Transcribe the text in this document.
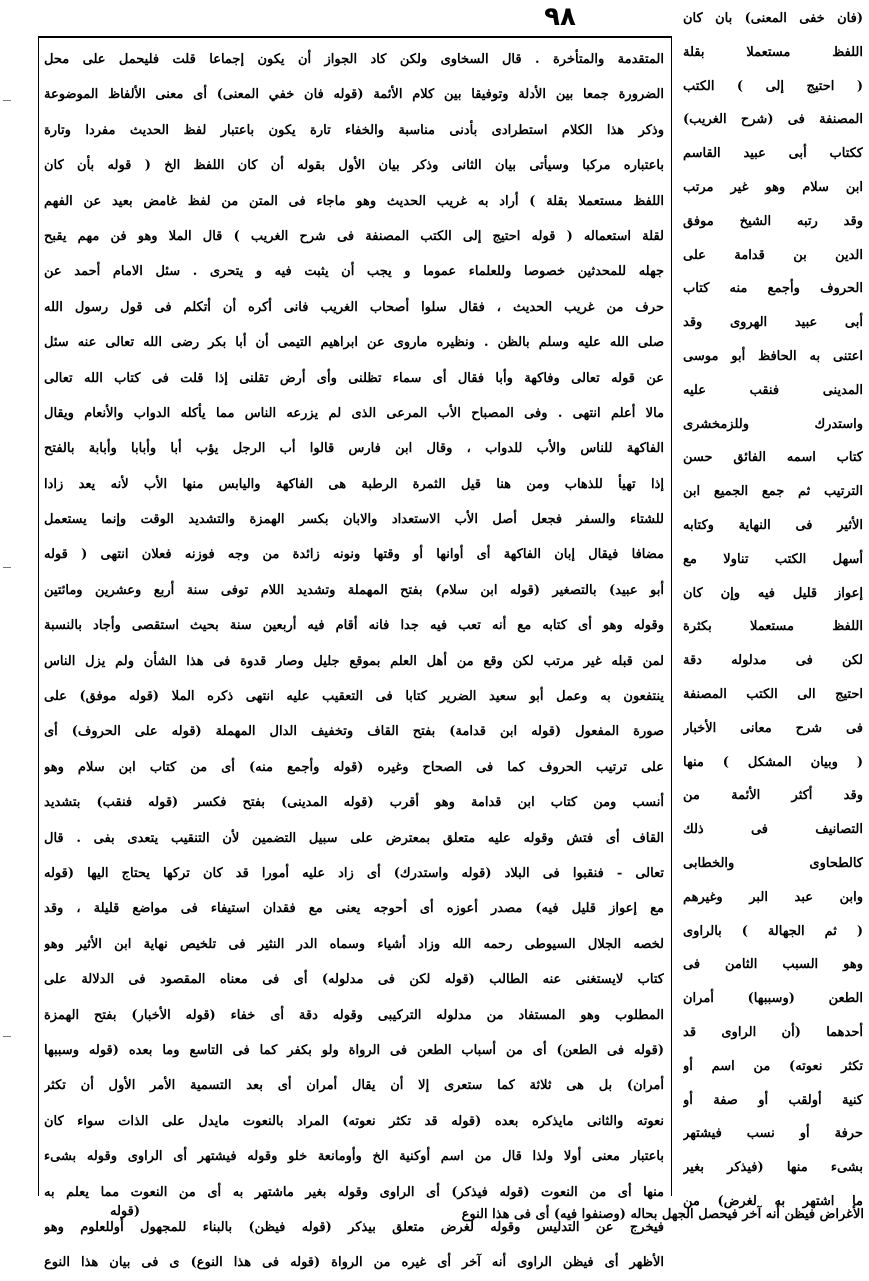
٩٨
المتقدمة والمتأخرة . قال السخاوى ولكن كاد الجواز أن يكون إجماعا قلت فليحمل على محل
الضرورة جمعا بين الأدلة وتوفيقا بين كلام الأئمة (قوله فان خفي المعنى) أى معنى الألفاظ الموضوعة
وذكر هذا الكلام استطرادى بأدنى مناسبة والخفاء تارة يكون باعتبار لفظ الحديث مفردا وتارة
باعتباره مركبا وسيأتى بيان الثانى وذكر بيان الأول بقوله أن كان اللفظ الخ ( قوله بأن كان
اللفظ مستعملا بقلة ) أراد به غريب الحديث وهو ماجاء فى المتن من لفظ غامض بعيد عن الفهم
لقلة استعماله ( قوله احتيج إلى الكتب المصنفة فى شرح الغريب ) قال الملا وهو فن مهم يقبح
جهله للمحدثين خصوصا وللعلماء عموما و يجب أن يثبت فيه و يتحرى . سئل الامام أحمد عن
حرف من غريب الحديث ، فقال سلوا أصحاب الغريب فانى أكره أن أتكلم فى قول رسول الله
صلى الله عليه وسلم بالظن . ونظيره ماروى عن ابراهيم التيمى أن أبا بكر رضى الله تعالى عنه سئل
عن قوله تعالى وفاكهة وأبا فقال أى سماء تظلنى وأى أرض تقلنى إذا قلت فى كتاب الله تعالى
مالا أعلم انتهى . وفى المصباح الأب المرعى الذى لم يزرعه الناس مما يأكله الدواب والأنعام ويقال
الفاكهة للناس والأب للدواب ، وقال ابن فارس قالوا أب الرجل يؤب أبا وأبابا وأبابة بالفتح
إذا تهيأ للذهاب ومن هنا قيل الثمرة الرطبة هى الفاكهة واليابس منها الأب لأنه يعد زادا
للشتاء والسفر فجعل أصل الأب الاستعداد والابان بكسر الهمزة والتشديد الوقت وإنما يستعمل
مضافا فيقال إبان الفاكهة أى أوانها أو وقتها ونونه زائدة من وجه فوزنه فعلان انتهى ( قوله
أبو عبيد) بالتصغير (قوله ابن سلام) بفتح المهملة وتشديد اللام توفى سنة أربع وعشرين ومائتين
وقوله وهو أى كتابه مع أنه تعب فيه جدا فانه أقام فيه أربعين سنة بحيث استقصى وأجاد بالنسبة
لمن قبله غير مرتب لكن وقع من أهل العلم بموقع جليل وصار قدوة فى هذا الشأن ولم يزل الناس
ينتفعون به وعمل أبو سعيد الضرير كتابا فى التعقيب عليه انتهى ذكره الملا (قوله موفق) على
صورة المفعول (قوله ابن قدامة) بفتح القاف وتخفيف الدال المهملة (قوله على الحروف) أى
على ترتيب الحروف كما فى الصحاح وغيره (قوله وأجمع منه) أى من كتاب ابن سلام وهو
أنسب ومن كتاب ابن قدامة وهو أقرب (قوله المدينى) بفتح فكسر (قوله فنقب) بتشديد
القاف أى فتش وقوله عليه متعلق بمعترض على سبيل التضمين لأن التنقيب يتعدى بفى . قال
تعالى - فنقبوا فى البلاد (قوله واستدرك) أى زاد عليه أمورا قد كان تركها يحتاج اليها (قوله
مع إعواز قليل فيه) مصدر أعوزه أى أحوجه يعنى مع فقدان استيفاء فى مواضع قليلة ، وقد
لخصه الجلال السيوطى رحمه الله وزاد أشياء وسماه الدر النثير فى تلخيص نهاية ابن الأثير وهو
كتاب لايستغنى عنه الطالب (قوله لكن فى مدلوله) أى فى معناه المقصود فى الدلالة على
المطلوب وهو المستفاد من مدلوله التركيبى وقوله دقة أى خفاء (قوله الأخبار) بفتح الهمزة
(قوله فى الطعن) أى من أسباب الطعن فى الرواة ولو بكفر كما فى التاسع وما بعده (قوله وسببها
أمران) بل هى ثلاثة كما ستعرى إلا أن يقال أمران أى بعد التسمية الأمر الأول أن تكثر
نعوته والثانى مايذكره بعده (قوله قد تكثر نعوته) المراد بالنعوت مايدل على الذات سواء كان
باعتبار معنى أولا ولذا قال من اسم أوكنية الخ وأومانعة خلو وقوله فيشتهر أى الراوى وقوله بشىء
منها أى من النعوت (قوله فيذكر) أى الراوى وقوله بغير ماشتهر به أى من النعوت مما يعلم به
فيخرج عن التدليس وقوله لغرض متعلق بيذكر (قوله فيظن) بالبناء للمجهول أوللعلوم وهو
الأظهر أى فيظن الراوى أنه آخر أى غيره من الرواة (قوله فى هذا النوع) ى فى بيان هذا النوع
(فان خفى المعنى) بان كان
اللفظ مستعملا بقلة
( احتيج إلى ) الكتب
المصنفة فى (شرح الغريب)
ككتاب أبى عبيد القاسم
ابن سلام وهو غير مرتب
وقد رتبه الشيخ موفق
الدين بن قدامة على
الحروف وأجمع منه كتاب
أبى عبيد الهروى وقد
اعتنى به الحافظ أبو موسى
المدينى فنقب عليه
واستدرك وللزمخشرى
كتاب اسمه الفائق حسن
الترتيب ثم جمع الجميع ابن
الأثير فى النهاية وكتابه
أسهل الكتب تناولا مع
إعواز قليل فيه وإن كان
اللفظ مستعملا بكثرة
لكن فى مدلوله دقة
احتيج الى الكتب المصنفة
فى شرح معانى الأخبار
( وبيان المشكل ) منها
وقد أكثر الأئمة من
التصانيف فى ذلك
كالطحاوى والخطابى
وابن عبد البر وغيرهم
( ثم الجهالة ) بالراوى
وهو السبب الثامن فى
الطعن (وسببها) أمران
أحدهما (أن الراوى قد
تكثر نعوته) من اسم أو
كنية أولقب أو صفة أو
حرفة أو نسب فيشتهر
بشىء منها (فيذكر بغير
ما اشتهر به لغرض) من
الأغراض فيظن أنه آخر فيحصل الجهل بحاله (وصنفوا فيه) أى فى هذا النوع
(قوله
